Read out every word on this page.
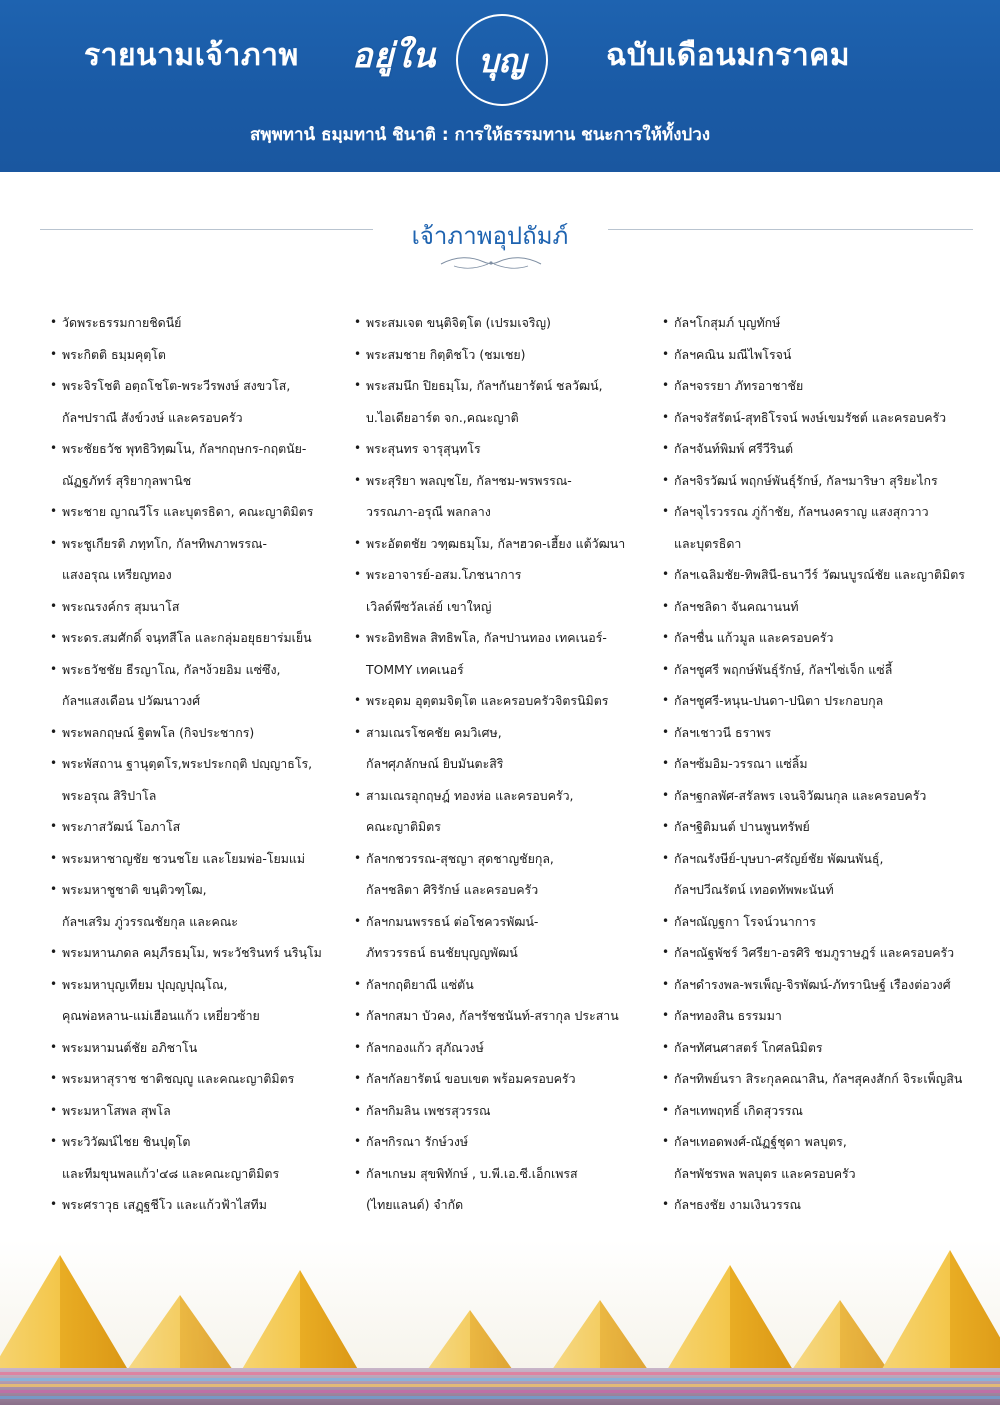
รายนามเจ้าภาพ	อยู่ใน	บุญ	ฉบับเดือนมกราคม
สพฺพทานํ ธมฺมทานํ ชินาติ : การให้ธรรมทาน ชนะการให้ทั้งปวง
เจ้าภาพอุปถัมภ์
• วัดพระธรรมกายชิดนีย์
• พระกิตติ ธมฺมคุตฺโต
• พระจิรโชติ อตฺถโชโต-พระวีรพงษ์ สงขวโส,
กัลฯปราณี สังข์วงษ์ และครอบครัว
• พระชัยธวัช พุทธิวิทฺฒโน, กัลฯกฤษกร-กฤตนัย-
ณัฏฐภัทร์ สุริยากุลพานิช
• พระชาย ญาณวีโร และบุตรธิดา, คณะญาติมิตร
• พระชูเกียรติ ภทฺทโก, กัลฯทิพภาพรรณ-
แสงอรุณ เหรียญทอง
• พระณรงค์กร สุมนาโส
• พระดร.สมศักดิ์ จนฺทสีโล และกลุ่มอยุธยาร่มเย็น
• พระธวัชชัย ธีรญาโณ, กัลฯง้วยอิม แซ่ซึง,
กัลฯแสงเดือน ปวัฒนาวงศ์
• พระพลกฤษณ์ ฐิตพโล (กิจประชากร)
• พระพัสถาน ฐานุตฺตโร,พระประกฤติ ปญฺญาธโร,
พระอรุณ สิริปาโล
• พระภาสวัฒน์ โอภาโส
• พระมหาชาญชัย ชวนชโย และโยมพ่อ-โยมแม่
• พระมหาชูชาติ ขนฺติวฑฺโฒ,
กัลฯเสริม ภู่วรรณชัยกุล และคณะ
• พระมหานภดล คมฺภีรธมฺโม, พระวัชรินทร์ นรินฺโม
• พระมหาบุญเทียม ปุญฺญปุณฺโณ,
คุณพ่อหลาน-แม่เฮือนแก้ว เหยี่ยวซ้าย
• พระมหามนต์ชัย อภิชาโน
• พระมหาสุราช ชาติชญฺญู และคณะญาติมิตร
• พระมหาโสพล สุพโล
• พระวิวัฒน์ไชย ชินปุตฺโต
และทีมขุนพลแก้ว'๔๘ และคณะญาติมิตร
• พระศราวุธ เสฏฺฐชีโว และแก้วฟ้าไสทีม
• พระสมเจต ขนฺติจิตฺโต (เปรมเจริญ)
• พระสมชาย กิตฺติชโว (ชมเชย)
• พระสมนึก ปิยธมฺโม, กัลฯกันยารัตน์ ชลวัฒน์,
บ.ไอเดียอาร์ต จก.,คณะญาติ
• พระสุนทร จารุสุนฺทโร
• พระสุริยา พลญฺชโย, กัลฯชม-พรพรรณ-
วรรณภา-อรุณี พลกลาง
• พระอัตตชัย วฑฺฒธมฺโม, กัลฯฮวด-เฮี้ยง แต้วัฒนา
• พระอาจารย์-อสม.โภชนาการ
เวิลด์พีซวัลเล่ย์ เขาใหญ่
• พระอิทธิพล สิทธิพโล, กัลฯปานทอง เทคเนอร์-
TOMMY เทคเนอร์
• พระอุดม อุตฺตมจิตฺโต และครอบครัวจิตรนิมิตร
• สามเณรโชคชัย คมวิเศษ,
กัลฯศุภลักษณ์ ยิบมันตะสิริ
• สามเณรอุกฤษฎ์ ทองห่อ และครอบครัว,
คณะญาติมิตร
• กัลฯกชวรรณ-สุชญา สุดชาญชัยกุล,
กัลฯชลิตา ศิริรักษ์ และครอบครัว
• กัลฯกมนพรรธน์ ต่อโชควรพัฒน์-
ภัทรวรรธน์ ธนชัยบุญญพัฒน์
• กัลฯกฤติยาณี แซ่ตัน
• กัลฯกสมา บัวคง, กัลฯรัชชนันท์-สรากุล ประสาน
• กัลฯกองแก้ว สุภัณวงษ์
• กัลฯกัลยารัตน์ ขอบเขต พร้อมครอบครัว
• กัลฯกิมลิน เพชรสุวรรณ
• กัลฯกิรณา รักษ์วงษ์
• กัลฯเกษม สุขพิทักษ์ , บ.พี.เอ.ซี.เอ็กเพรส
(ไทยแลนด์) จำกัด
• กัลฯโกสุมภ์ บุญทักษ์
• กัลฯคณิน มณีไพโรจน์
• กัลฯจรรยา ภัทรอาชาชัย
• กัลฯจรัสรัตน์-สุทธิโรจน์ พงษ์เขมรัชต์ และครอบครัว
• กัลฯจันท์พิมพ์ ศรีวีรินต์
• กัลฯจิรวัฒน์ พฤกษ์พันธุ์รักษ์, กัลฯมาริษา สุริยะไกร
• กัลฯจุไรวรรณ ภู่ก้าชัย, กัลฯนงคราญ แสงสุกวาว
และบุตรธิดา
• กัลฯเฉลิมชัย-ทิพสินี-ธนาวีร์ วัฒนบูรณ์ชัย และญาติมิตร
• กัลฯชลิดา จันคณานนท์
• กัลฯชื่น แก้วมูล และครอบครัว
• กัลฯชูศรี พฤกษ์พันธุ์รักษ์, กัลฯไซ่เจ็ก แซ่ลี้
• กัลฯชูศรี-หนุน-ปนดา-ปนิตา ประกอบกุล
• กัลฯเชาวนี ธราพร
• กัลฯซ้มอิม-วรรณา แซ่ลิ้ม
• กัลฯฐกลพัศ-สรัลพร เจนจิวัฒนกุล และครอบครัว
• กัลฯฐิติมนต์ ปานพูนทรัพย์
• กัลฯณรังษีย์-บุษบา-ศรัญย์ชัย พัฒนพันธุ์,
กัลฯปวีณรัตน์ เทอดทัพพะนันท์
• กัลฯณัญฐกา โรจน์วนาการ
• กัลฯณัฐพัชร์ วิศรียา-อรศิริ ชมภูราษฎร์ และครอบครัว
• กัลฯดำรงพล-พรเพ็ญ-จิรพัฒน์-ภัทรานิษฐ์ เรืองต่อวงศ์
• กัลฯทองสิน ธรรมมา
• กัลฯทัศนศาสตร์ โกศลนิมิตร
• กัลฯทิพย์นรา สิระกุลคณาสิน, กัลฯสุคงสักก์ จิระเพ็ญสิน
• กัลฯเทพฤทธิ์ เกิดสุวรรณ
• กัลฯเทอดพงศ์-ณัฏฐ์ชุดา พลบุตร,
กัลฯพัชรพล พลบุตร และครอบครัว
• กัลฯธงชัย งามเงินวรรณ
